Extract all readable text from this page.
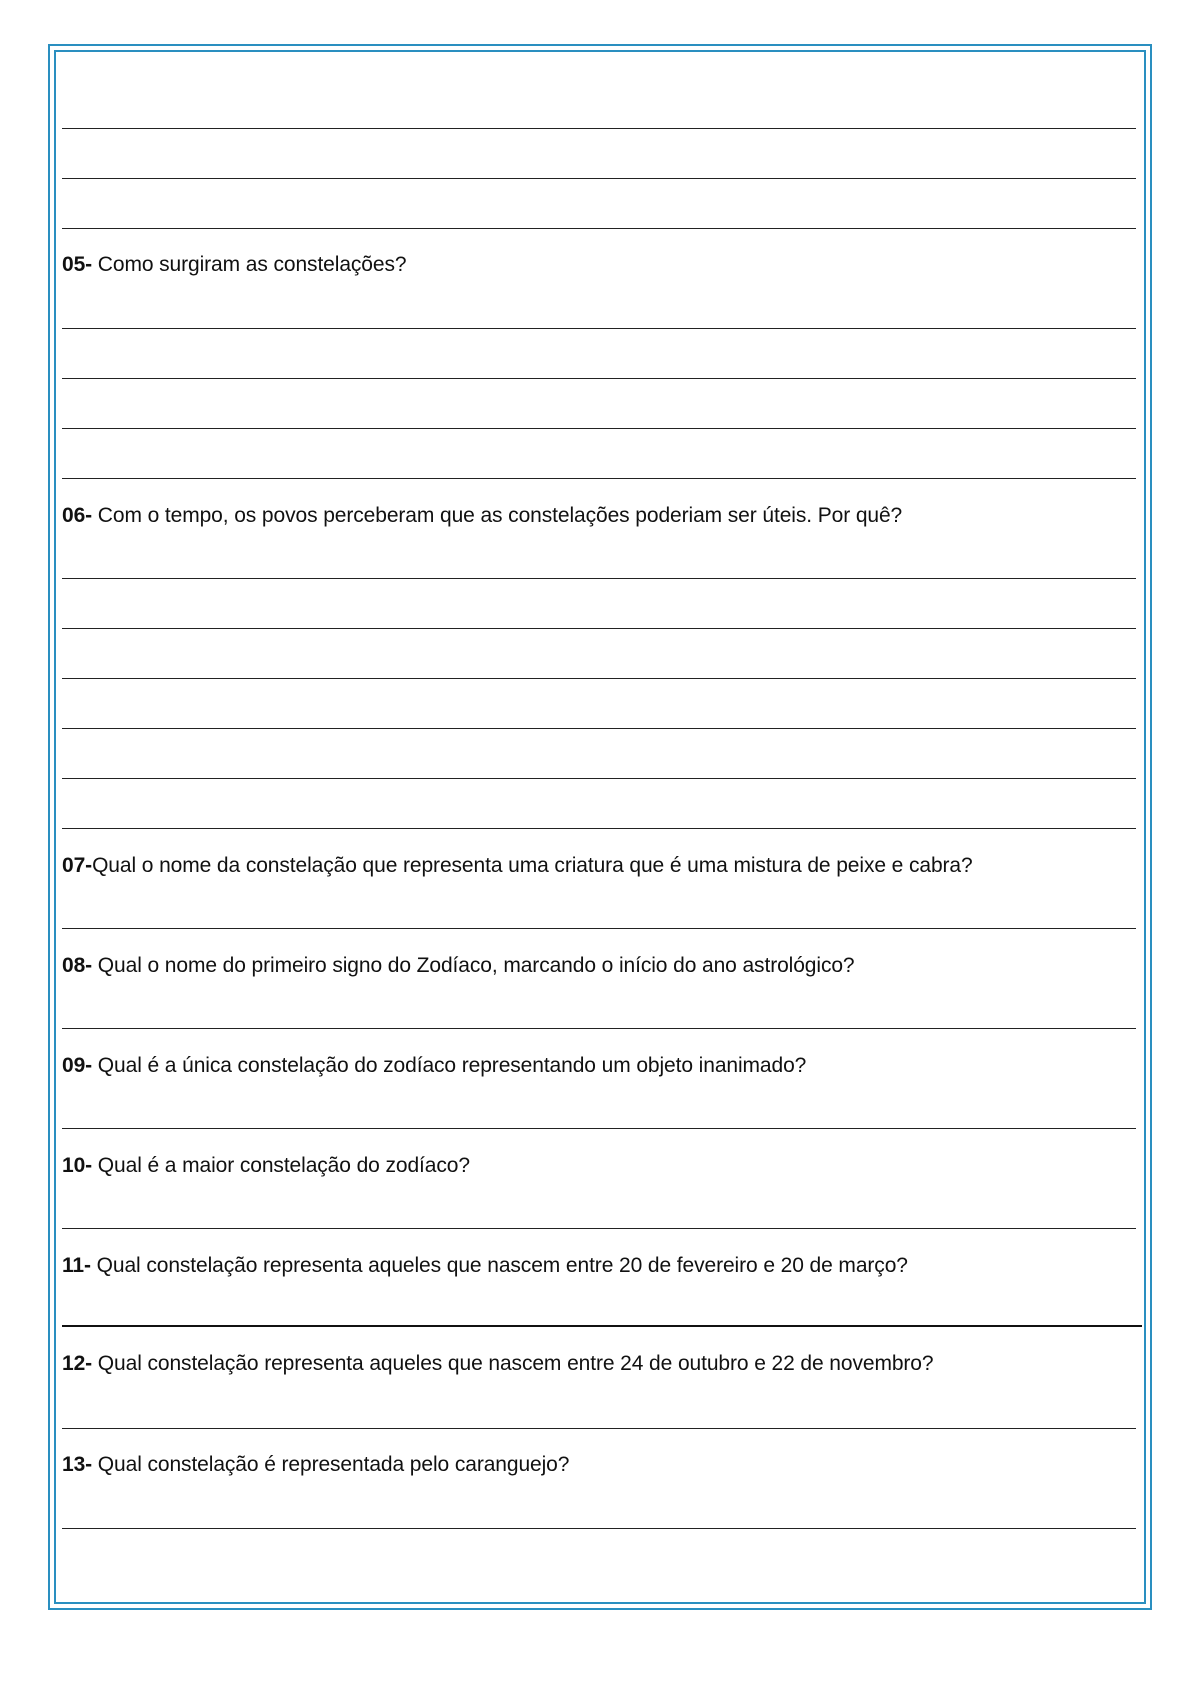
05- Como surgiram as constelações?
06- Com o tempo, os povos perceberam que as constelações poderiam ser úteis. Por quê?
07-Qual o nome da constelação que representa uma criatura que é uma mistura de peixe e cabra?
08- Qual o nome do primeiro signo do Zodíaco, marcando o início do ano astrológico?
09- Qual é a única constelação do zodíaco representando um objeto inanimado?
10- Qual é a maior constelação do zodíaco?
11- Qual constelação representa aqueles que nascem entre 20 de fevereiro e 20 de março?
12- Qual constelação representa aqueles que nascem entre 24 de outubro e 22 de novembro?
13- Qual constelação é representada pelo caranguejo?
